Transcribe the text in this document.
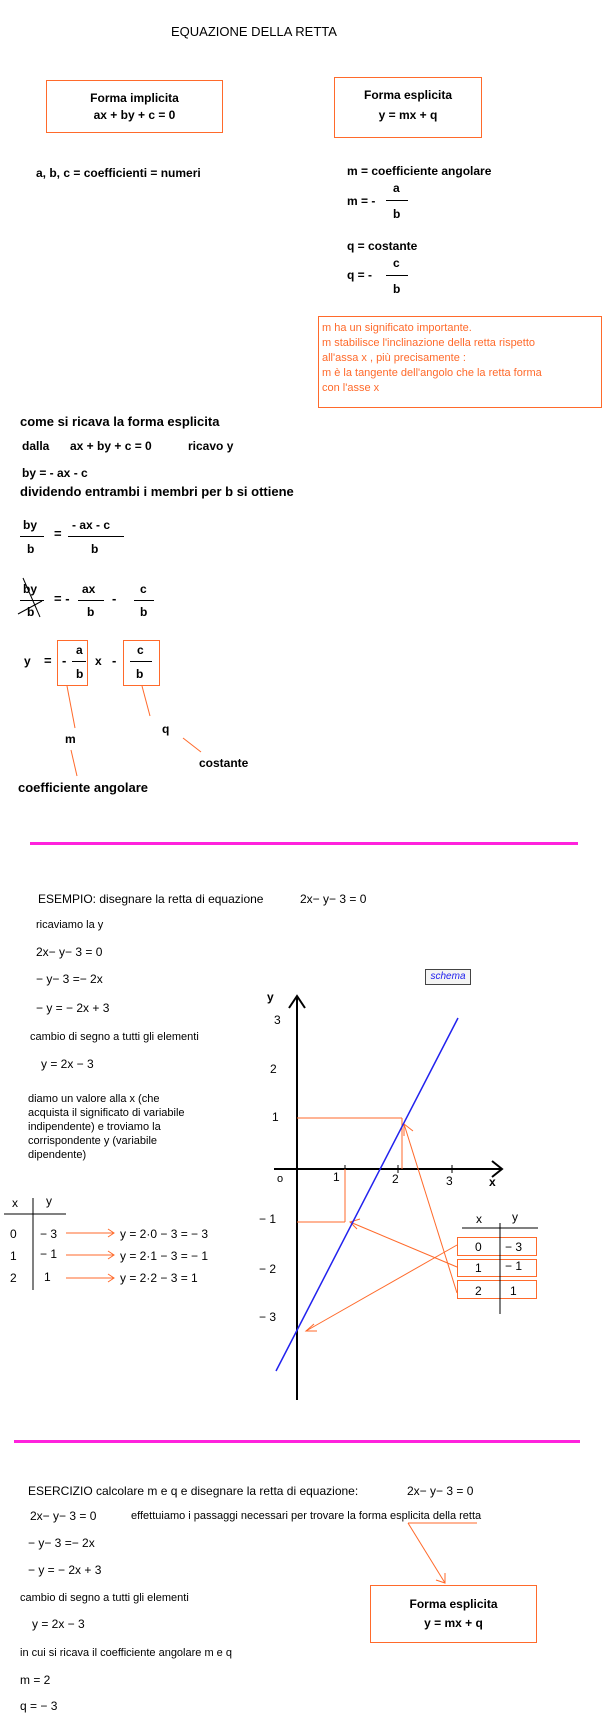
EQUAZIONE DELLA RETTA
Forma implicita
ax + by + c = 0
Forma esplicita
y = mx + q
a, b, c = coefficienti = numeri	m = coefficiente angolare
m = -
a
b
q = costante
q = -
c
b
m ha un significato importante.
m stabilisce l'inclinazione della retta rispetto
all'assa x , più precisamente :
m è la tangente dell'angolo che la retta forma
con l'asse x
come si ricava la forma esplicita
dalla ax + by + c = 0	ricavo y
by = - ax - c
dividendo entrambi i membri per b si ottiene
by
b
=
- ax - c
b
by
b
= -
ax
b
-
c
b
y = -
a
b
x -
c
b
m
q
costante
coefficiente angolare
ESEMPIO: disegnare la retta di equazione	2x− y− 3 = 0
ricaviamo la y
2x− y− 3 = 0
− y− 3 =− 2x
− y = − 2x + 3
cambio di segno a tutti gli elementi
y = 2x − 3
diamo un valore alla x (che
acquista il significato di variabile
indipendente) e troviamo la
corrispondente y (variabile
dipendente)
x y
0 − 3	y = 2·0 − 3 = − 3
1 − 1	y = 2·1 − 3 = − 1
2 1	y = 2·2 − 3 = 1
schema
y
x
o
3
2
1
− 1
− 2
− 3
1	2	3
x	y
0 − 3
1 − 1
2 1
ESERCIZIO calcolare m e q e disegnare la retta di equazione:	2x− y− 3 = 0
2x− y− 3 = 0	effettuiamo i passaggi necessari per trovare la forma esplicita della retta
− y− 3 =− 2x
− y = − 2x + 3
cambio di segno a tutti gli elementi
y = 2x − 3
in cui si ricava il coefficiente angolare m e q
m = 2
q = − 3
Forma esplicita
y = mx + q
